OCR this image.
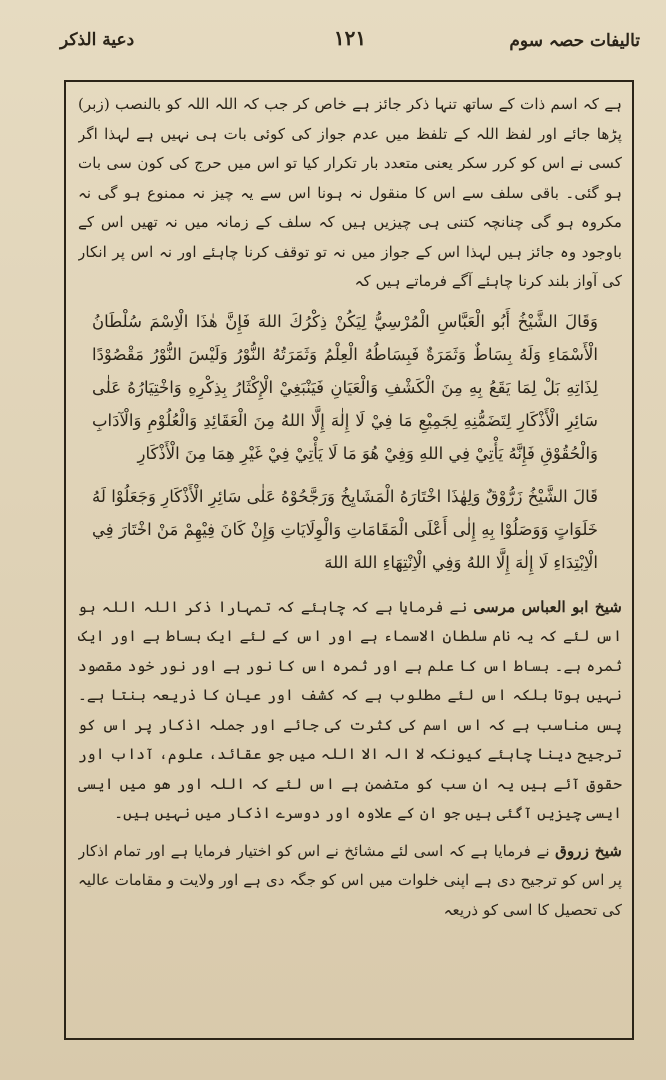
تالیفات حصہ سوم
۱۲۱
دعیة الذکر

ہے کہ اسم ذات کے ساتھ تنہا ذکر جائز ہے خاص کر جب کہ اللہ اللہ کو بالنصب (زبر) پڑھا جائے اور لفظ اللہ کے تلفظ میں عدم جواز کی کوئی بات ہی نہیں ہے لہذا اگر کسی نے اس کو کرر سکر یعنی متعدد بار تکرار کیا تو اس میں حرج کی کون سی بات ہو گئی۔ باقی سلف سے اس کا منقول نہ ہونا اس سے یہ چیز نہ ممنوع ہو گی نہ مکروہ ہو گی چنانچہ کتنی ہی چیزیں ہیں کہ سلف کے زمانہ میں نہ تھیں اس کے باوجود وہ جائز ہیں لہذا اس کے جواز میں نہ تو توقف کرنا چاہئے اور نہ اس پر انکار کی آواز بلند کرنا چاہئے آگے فرماتے ہیں کہ

وَقَالَ الشَّيْخُ أَبُو الْعَبَّاسِ الْمُرْسِيُّ لِيَكُنْ ذِكْرُكَ اللهَ فَإِنَّ هٰذَا الْاِسْمَ سُلْطَانُ الْأَسْمَاءِ وَلَهُ بِسَاطٌ وَثَمَرَةٌ فَبِسَاطُهُ الْعِلْمُ وَثَمَرَتُهُ النُّوْرُ وَلَيْسَ النُّوْرُ مَقْصُوْدًا لِذَاتِهِ بَلْ لِمَا يَقَعُ بِهِ مِنَ الْكَشْفِ وَالْعَيَانِ فَيَنْبَغِيْ الْإِكْثَارُ بِذِكْرِهِ وَاخْتِيَارُهُ عَلٰى سَائِرِ الْأَذْكَارِ لِتَضَمُّنِهِ لِجَمِيْعِ مَا فِيْ لَا إِلٰهَ إِلَّا اللهُ مِنَ الْعَقَائِدِ وَالْعُلُوْمِ وَالْآدَابِ وَالْحُقُوْقِ فَإِنَّهُ يَأْتِيْ فِي اللهِ وَفِيْ هُوَ مَا لَا يَأْتِيْ فِيْ غَيْرِ هِمَا مِنَ الْأَذْكَارِ

قَالَ الشَّيْخُ زَرُّوْقٌ وَلِهٰذَا اخْتَارَهُ الْمَشَايِخُ وَرَجَّحُوْهُ عَلٰى سَائِرِ الْأَذْكَارِ وَجَعَلُوْا لَهُ خَلَوَاتٍ وَوَصَلُوْا بِهِ إِلٰى أَعْلَى الْمَقَامَاتِ وَالْوِلَايَاتِ وَإِنْ كَانَ فِيْهِمْ مَنْ اخْتَارَ فِي الْاِبْتِدَاءِ لَا إِلٰهَ إِلَّا اللهُ وَفِي الْاِنْتِهَاءِ اللهَ اللهَ

شیخ ابو العباس مرسی نے فرمایا ہے کہ چاہئے کہ تمہارا ذکر اللہ اللہ ہو اس لئے کہ یہ نام سلطان الاسماء ہے اور اس کے لئے ایک بساط ہے اور ایک ثمرہ ہے۔ بساط اس کا علم ہے اور ثمرہ اس کا نور ہے اور نور خود مقصود نہیں ہوتا بلکہ اس لئے مطلوب ہے کہ کشف اور عیان کا ذریعہ بنتا ہے۔ پس مناسب ہے کہ اس اسم کی کثرت کی جائے اور جملہ اذکار پر اس کو ترجیح دینا چاہئے کیونکہ لا الہ الا اللہ میں جو عقائد، علوم، آداب اور حقوق آئے ہیں یہ ان سب کو متضمن ہے اس لئے کہ اللہ اور ھو میں ایسی ایسی چیزیں آگئی ہیں جو ان کے علاوہ اور دوسرے اذکار میں نہیں ہیں۔

شیخ زروق نے فرمایا ہے کہ اسی لئے مشائخ نے اس کو اختیار فرمایا ہے اور تمام اذکار پر اس کو ترجیح دی ہے اپنی خلوات میں اس کو جگہ دی ہے اور ولایت و مقامات عالیہ کی تحصیل کا اسی کو ذریعہ
